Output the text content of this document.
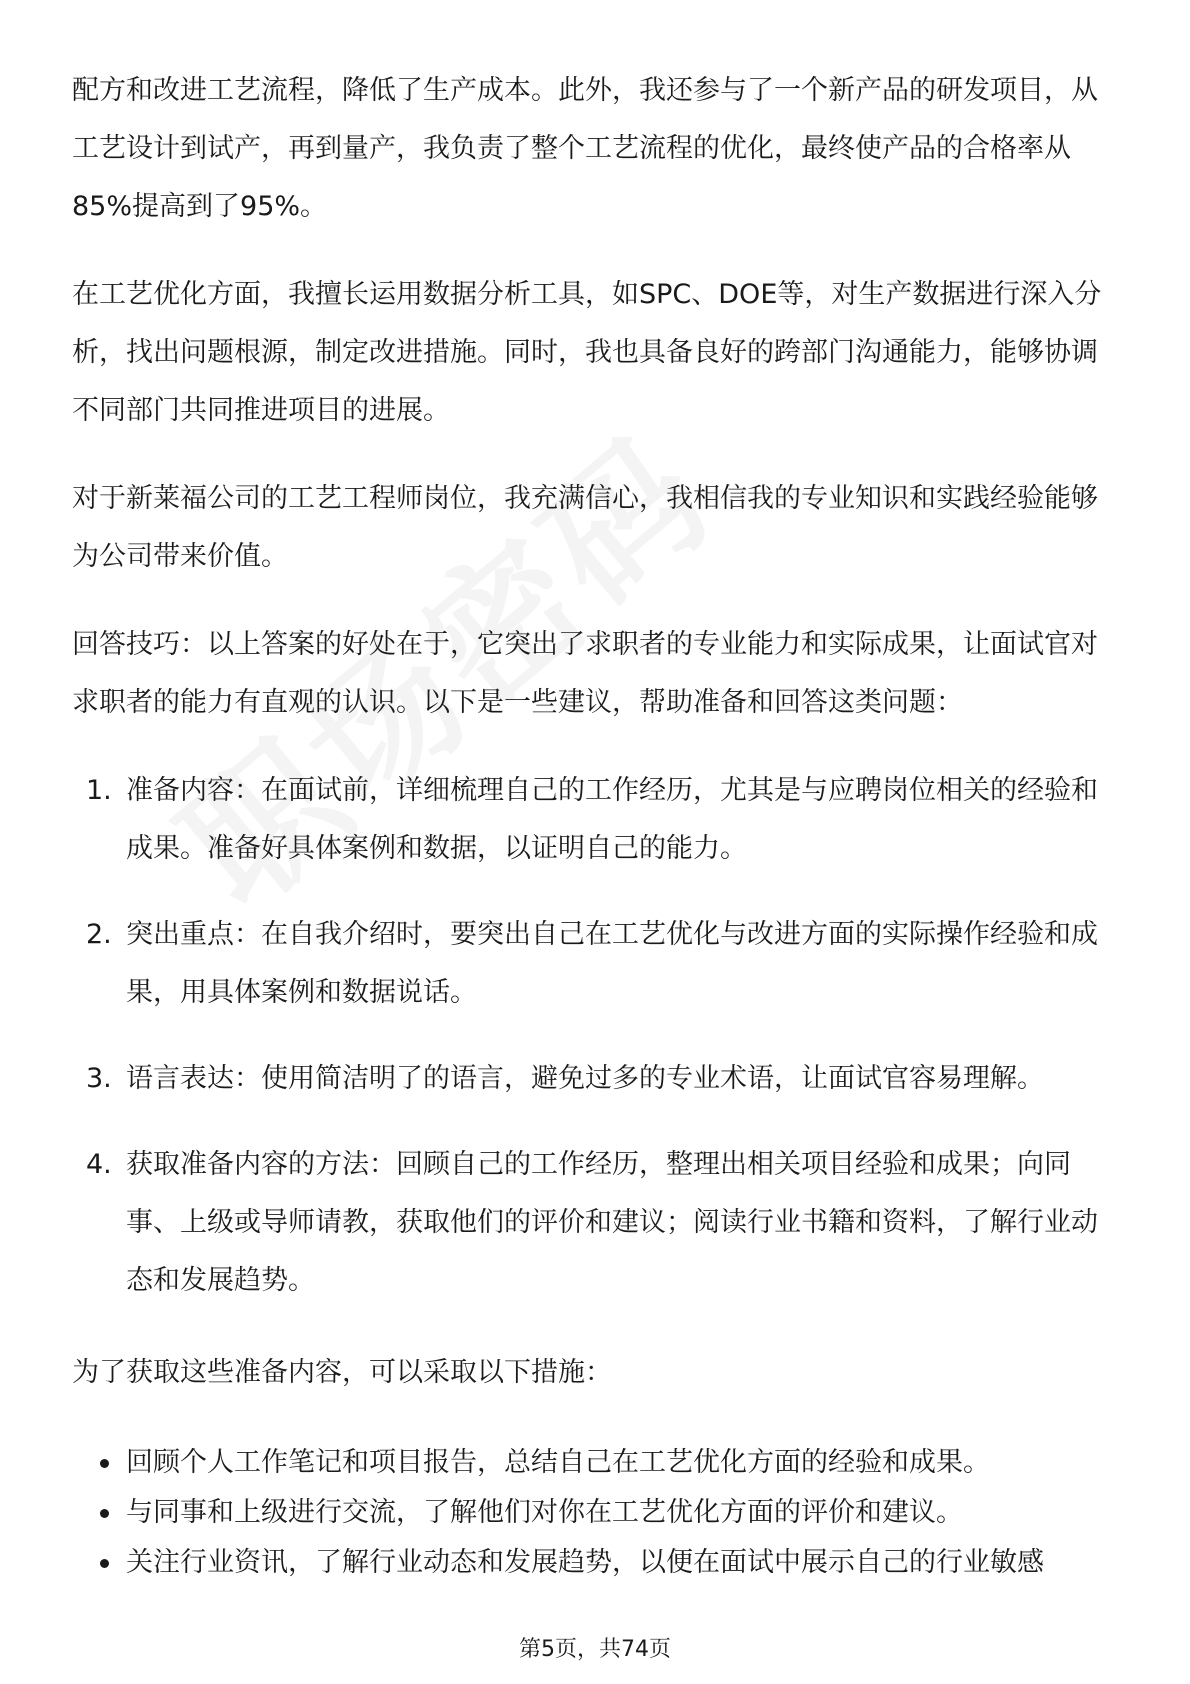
配方和改进工艺流程，降低了生产成本。此外，我还参与了一个新产品的研发项目，从工艺设计到试产，再到量产，我负责了整个工艺流程的优化，最终使产品的合格率从85%提高到了95%。

在工艺优化方面，我擅长运用数据分析工具，如SPC、DOE等，对生产数据进行深入分析，找出问题根源，制定改进措施。同时，我也具备良好的跨部门沟通能力，能够协调不同部门共同推进项目的进展。

对于新莱福公司的工艺工程师岗位，我充满信心，我相信我的专业知识和实践经验能够为公司带来价值。

回答技巧：以上答案的好处在于，它突出了求职者的专业能力和实际成果，让面试官对求职者的能力有直观的认识。以下是一些建议，帮助准备和回答这类问题：

1. 准备内容：在面试前，详细梳理自己的工作经历，尤其是与应聘岗位相关的经验和成果。准备好具体案例和数据，以证明自己的能力。
2. 突出重点：在自我介绍时，要突出自己在工艺优化与改进方面的实际操作经验和成果，用具体案例和数据说话。
3. 语言表达：使用简洁明了的语言，避免过多的专业术语，让面试官容易理解。
4. 获取准备内容的方法：回顾自己的工作经历，整理出相关项目经验和成果；向同事、上级或导师请教，获取他们的评价和建议；阅读行业书籍和资料，了解行业动态和发展趋势。

为了获取这些准备内容，可以采取以下措施：

回顾个人工作笔记和项目报告，总结自己在工艺优化方面的经验和成果。
与同事和上级进行交流，了解他们对你在工艺优化方面的评价和建议。
关注行业资讯，了解行业动态和发展趋势，以便在面试中展示自己的行业敏感
第5页，共74页
